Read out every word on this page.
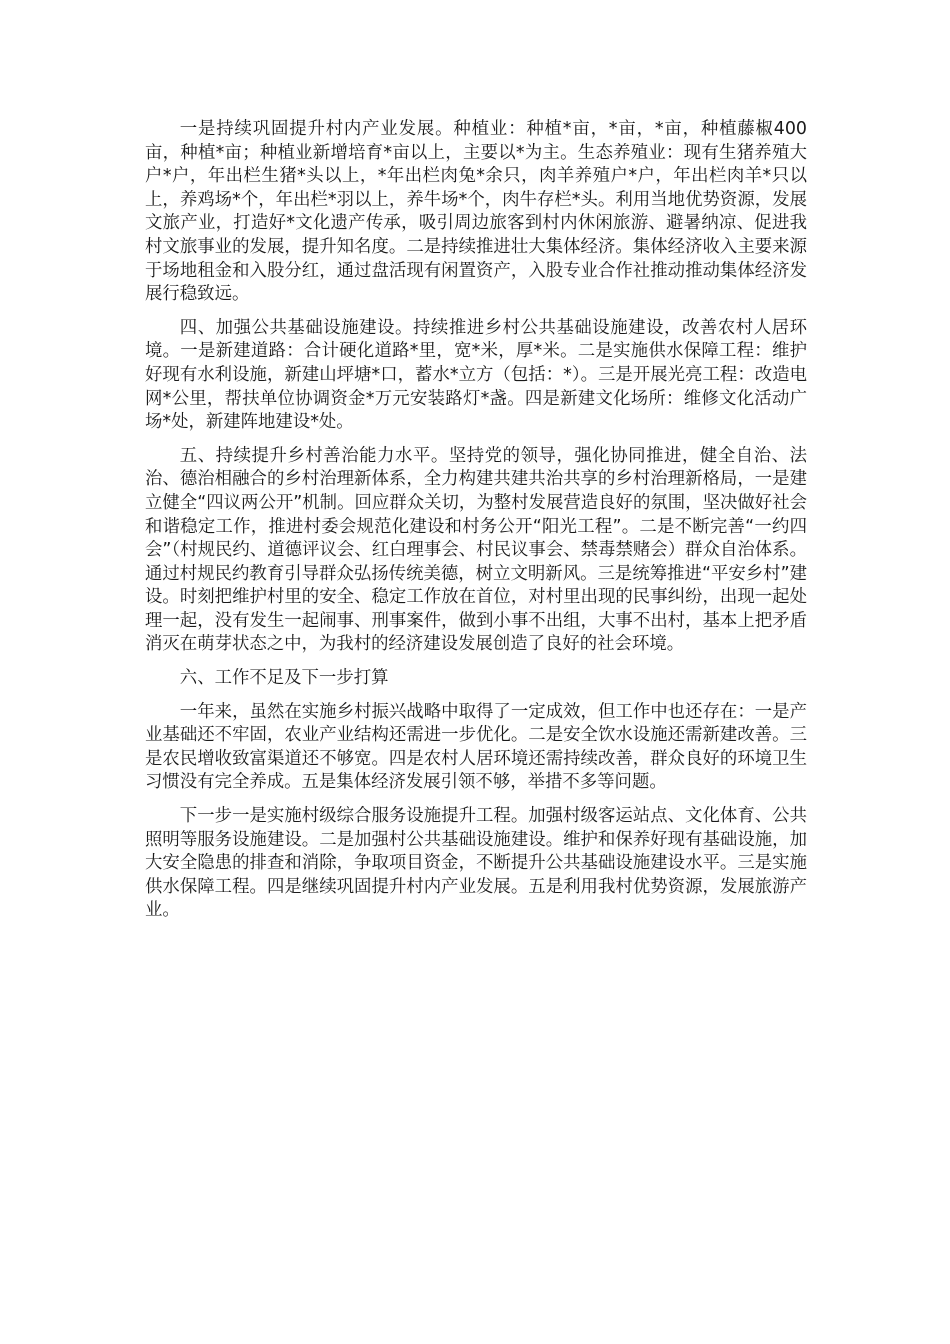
一是持续巩固提升村内产业发展。种植业：种植*亩，*亩，*亩，种植藤椒400亩，种植*亩；种植业新增培育*亩以上，主要以*为主。生态养殖业：现有生猪养殖大户*户，年出栏生猪*头以上，*年出栏肉兔*余只，肉羊养殖户*户，年出栏肉羊*只以上，养鸡场*个，年出栏*羽以上，养牛场*个，肉牛存栏*头。利用当地优势资源，发展文旅产业，打造好*文化遗产传承，吸引周边旅客到村内休闲旅游、避暑纳凉、促进我村文旅事业的发展，提升知名度。二是持续推进壮大集体经济。集体经济收入主要来源于场地租金和入股分红，通过盘活现有闲置资产，入股专业合作社推动推动集体经济发展行稳致远。

四、加强公共基础设施建设。持续推进乡村公共基础设施建设，改善农村人居环境。一是新建道路：合计硬化道路*里，宽*米，厚*米。二是实施供水保障工程：维护好现有水利设施，新建山坪塘*口，蓄水*立方（包括：*）。三是开展光亮工程：改造电网*公里，帮扶单位协调资金*万元安装路灯*盏。四是新建文化场所：维修文化活动广场*处，新建阵地建设*处。

五、持续提升乡村善治能力水平。坚持党的领导，强化协同推进，健全自治、法治、德治相融合的乡村治理新体系，全力构建共建共治共享的乡村治理新格局，一是建立健全“四议两公开”机制。回应群众关切，为整村发展营造良好的氛围，坚决做好社会和谐稳定工作，推进村委会规范化建设和村务公开“阳光工程”。二是不断完善“一约四会”（村规民约、道德评议会、红白理事会、村民议事会、禁毒禁赌会）群众自治体系。通过村规民约教育引导群众弘扬传统美德，树立文明新风。三是统筹推进“平安乡村”建设。时刻把维护村里的安全、稳定工作放在首位，对村里出现的民事纠纷，出现一起处理一起，没有发生一起闹事、刑事案件，做到小事不出组，大事不出村，基本上把矛盾消灭在萌芽状态之中，为我村的经济建设发展创造了良好的社会环境。

六、工作不足及下一步打算

一年来，虽然在实施乡村振兴战略中取得了一定成效，但工作中也还存在：一是产业基础还不牢固，农业产业结构还需进一步优化。二是安全饮水设施还需新建改善。三是农民增收致富渠道还不够宽。四是农村人居环境还需持续改善，群众良好的环境卫生习惯没有完全养成。五是集体经济发展引领不够，举措不多等问题。

下一步一是实施村级综合服务设施提升工程。加强村级客运站点、文化体育、公共照明等服务设施建设。二是加强村公共基础设施建设。维护和保养好现有基础设施，加大安全隐患的排查和消除，争取项目资金，不断提升公共基础设施建设水平。三是实施供水保障工程。四是继续巩固提升村内产业发展。五是利用我村优势资源，发展旅游产业。
